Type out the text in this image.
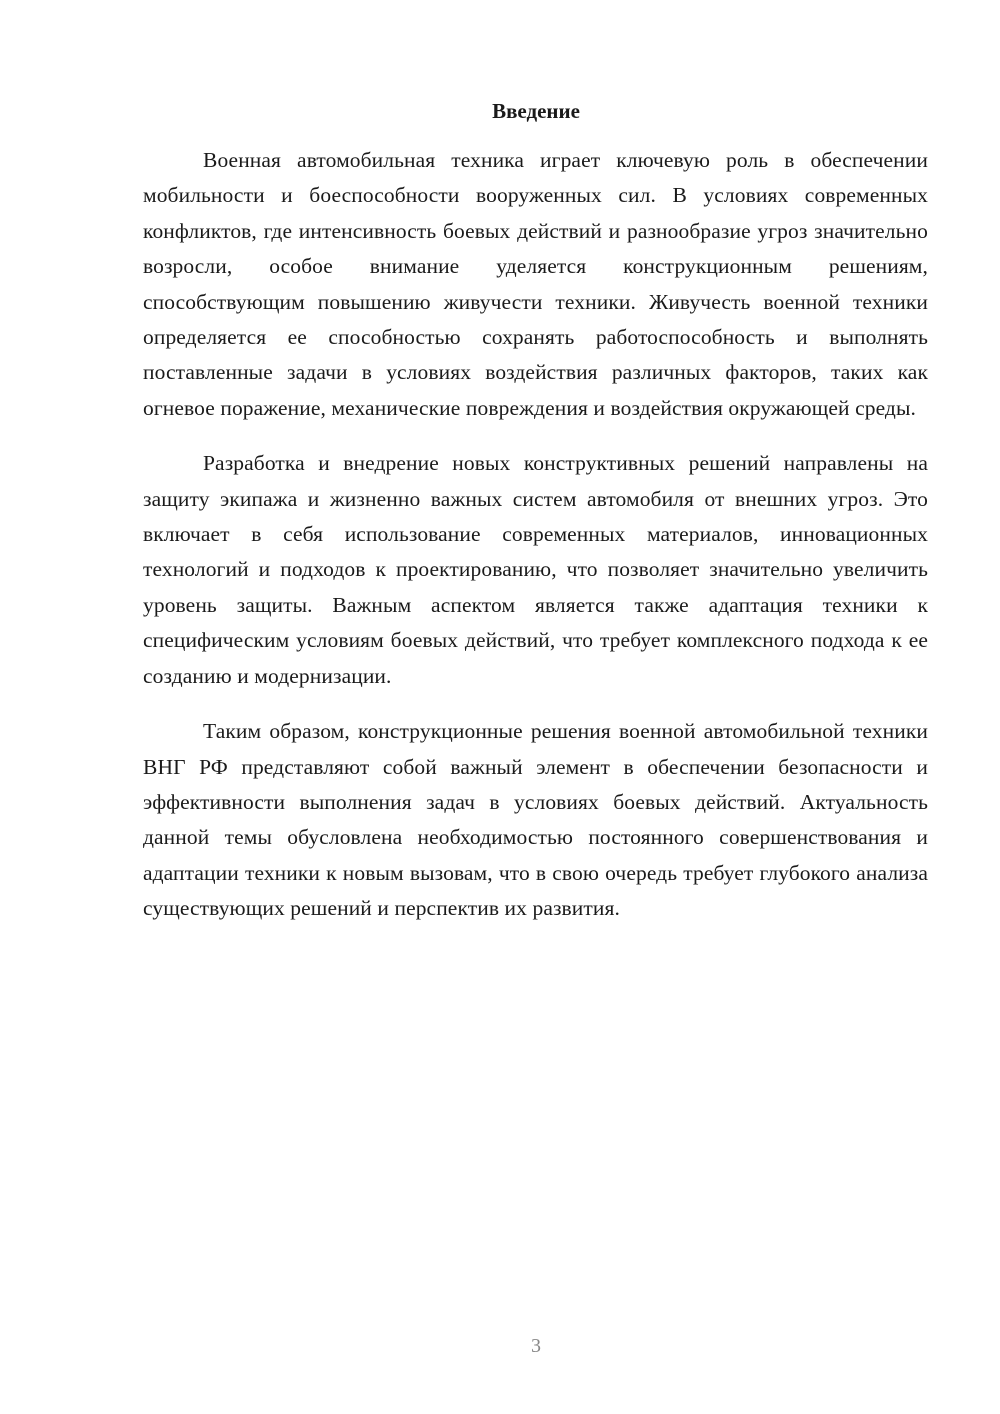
Введение

Военная автомобильная техника играет ключевую роль в обеспечении мобильности и боеспособности вооруженных сил. В условиях современных конфликтов, где интенсивность боевых действий и разнообразие угроз значительно возросли, особое внимание уделяется конструкционным решениям, способствующим повышению живучести техники. Живучесть военной техники определяется ее способностью сохранять работоспособность и выполнять поставленные задачи в условиях воздействия различных факторов, таких как огневое поражение, механические повреждения и воздействия окружающей среды.

Разработка и внедрение новых конструктивных решений направлены на защиту экипажа и жизненно важных систем автомобиля от внешних угроз. Это включает в себя использование современных материалов, инновационных технологий и подходов к проектированию, что позволяет значительно увеличить уровень защиты. Важным аспектом является также адаптация техники к специфическим условиям боевых действий, что требует комплексного подхода к ее созданию и модернизации.

Таким образом, конструкционные решения военной автомобильной техники ВНГ РФ представляют собой важный элемент в обеспечении безопасности и эффективности выполнения задач в условиях боевых действий. Актуальность данной темы обусловлена необходимостью постоянного совершенствования и адаптации техники к новым вызовам, что в свою очередь требует глубокого анализа существующих решений и перспектив их развития.

3
